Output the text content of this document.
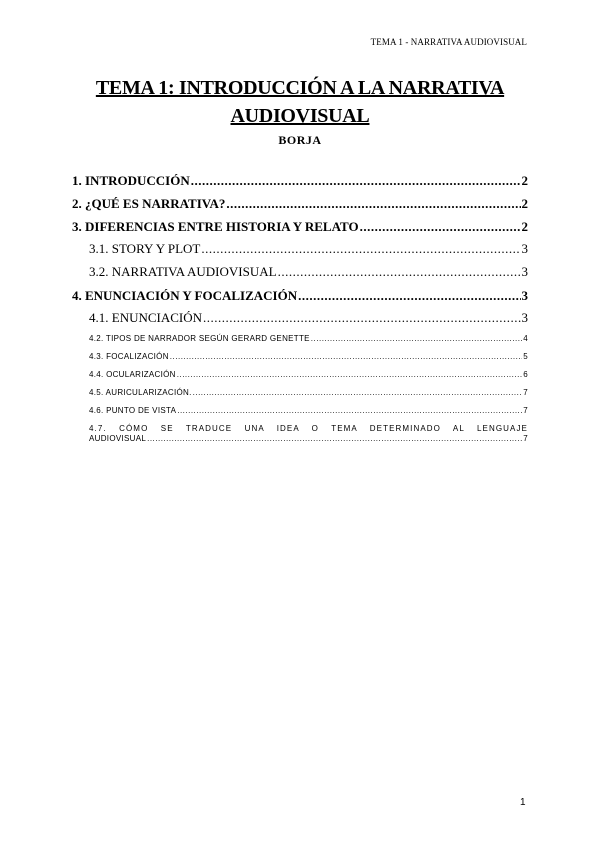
TEMA 1 - NARRATIVA AUDIOVISUAL
TEMA 1: INTRODUCCIÓN A LA NARRATIVA
AUDIOVISUAL
BORJA
1. INTRODUCCIÓN .....	2
2. ¿QUÉ ES NARRATIVA? .....	2
3. DIFERENCIAS ENTRE HISTORIA Y RELATO .....	2
3.1. STORY Y PLOT .....	3
3.2. NARRATIVA AUDIOVISUAL .....	3
4. ENUNCIACIÓN Y FOCALIZACIÓN .....	3
4.1. ENUNCIACIÓN .....	3
4.2. TIPOS DE NARRADOR SEGÚN GERARD GENETTE .....	4
4.3. FOCALIZACIÓN .....	5
4.4. OCULARIZACIÓN .....	6
4.5. AURICULARIZACIÓN. .....	7
4.6. PUNTO DE VISTA .....	7
4.7. CÓMO SE TRADUCE UNA IDEA O TEMA DETERMINADO AL LENGUAJE
AUDIOVISUAL .....	7
1
